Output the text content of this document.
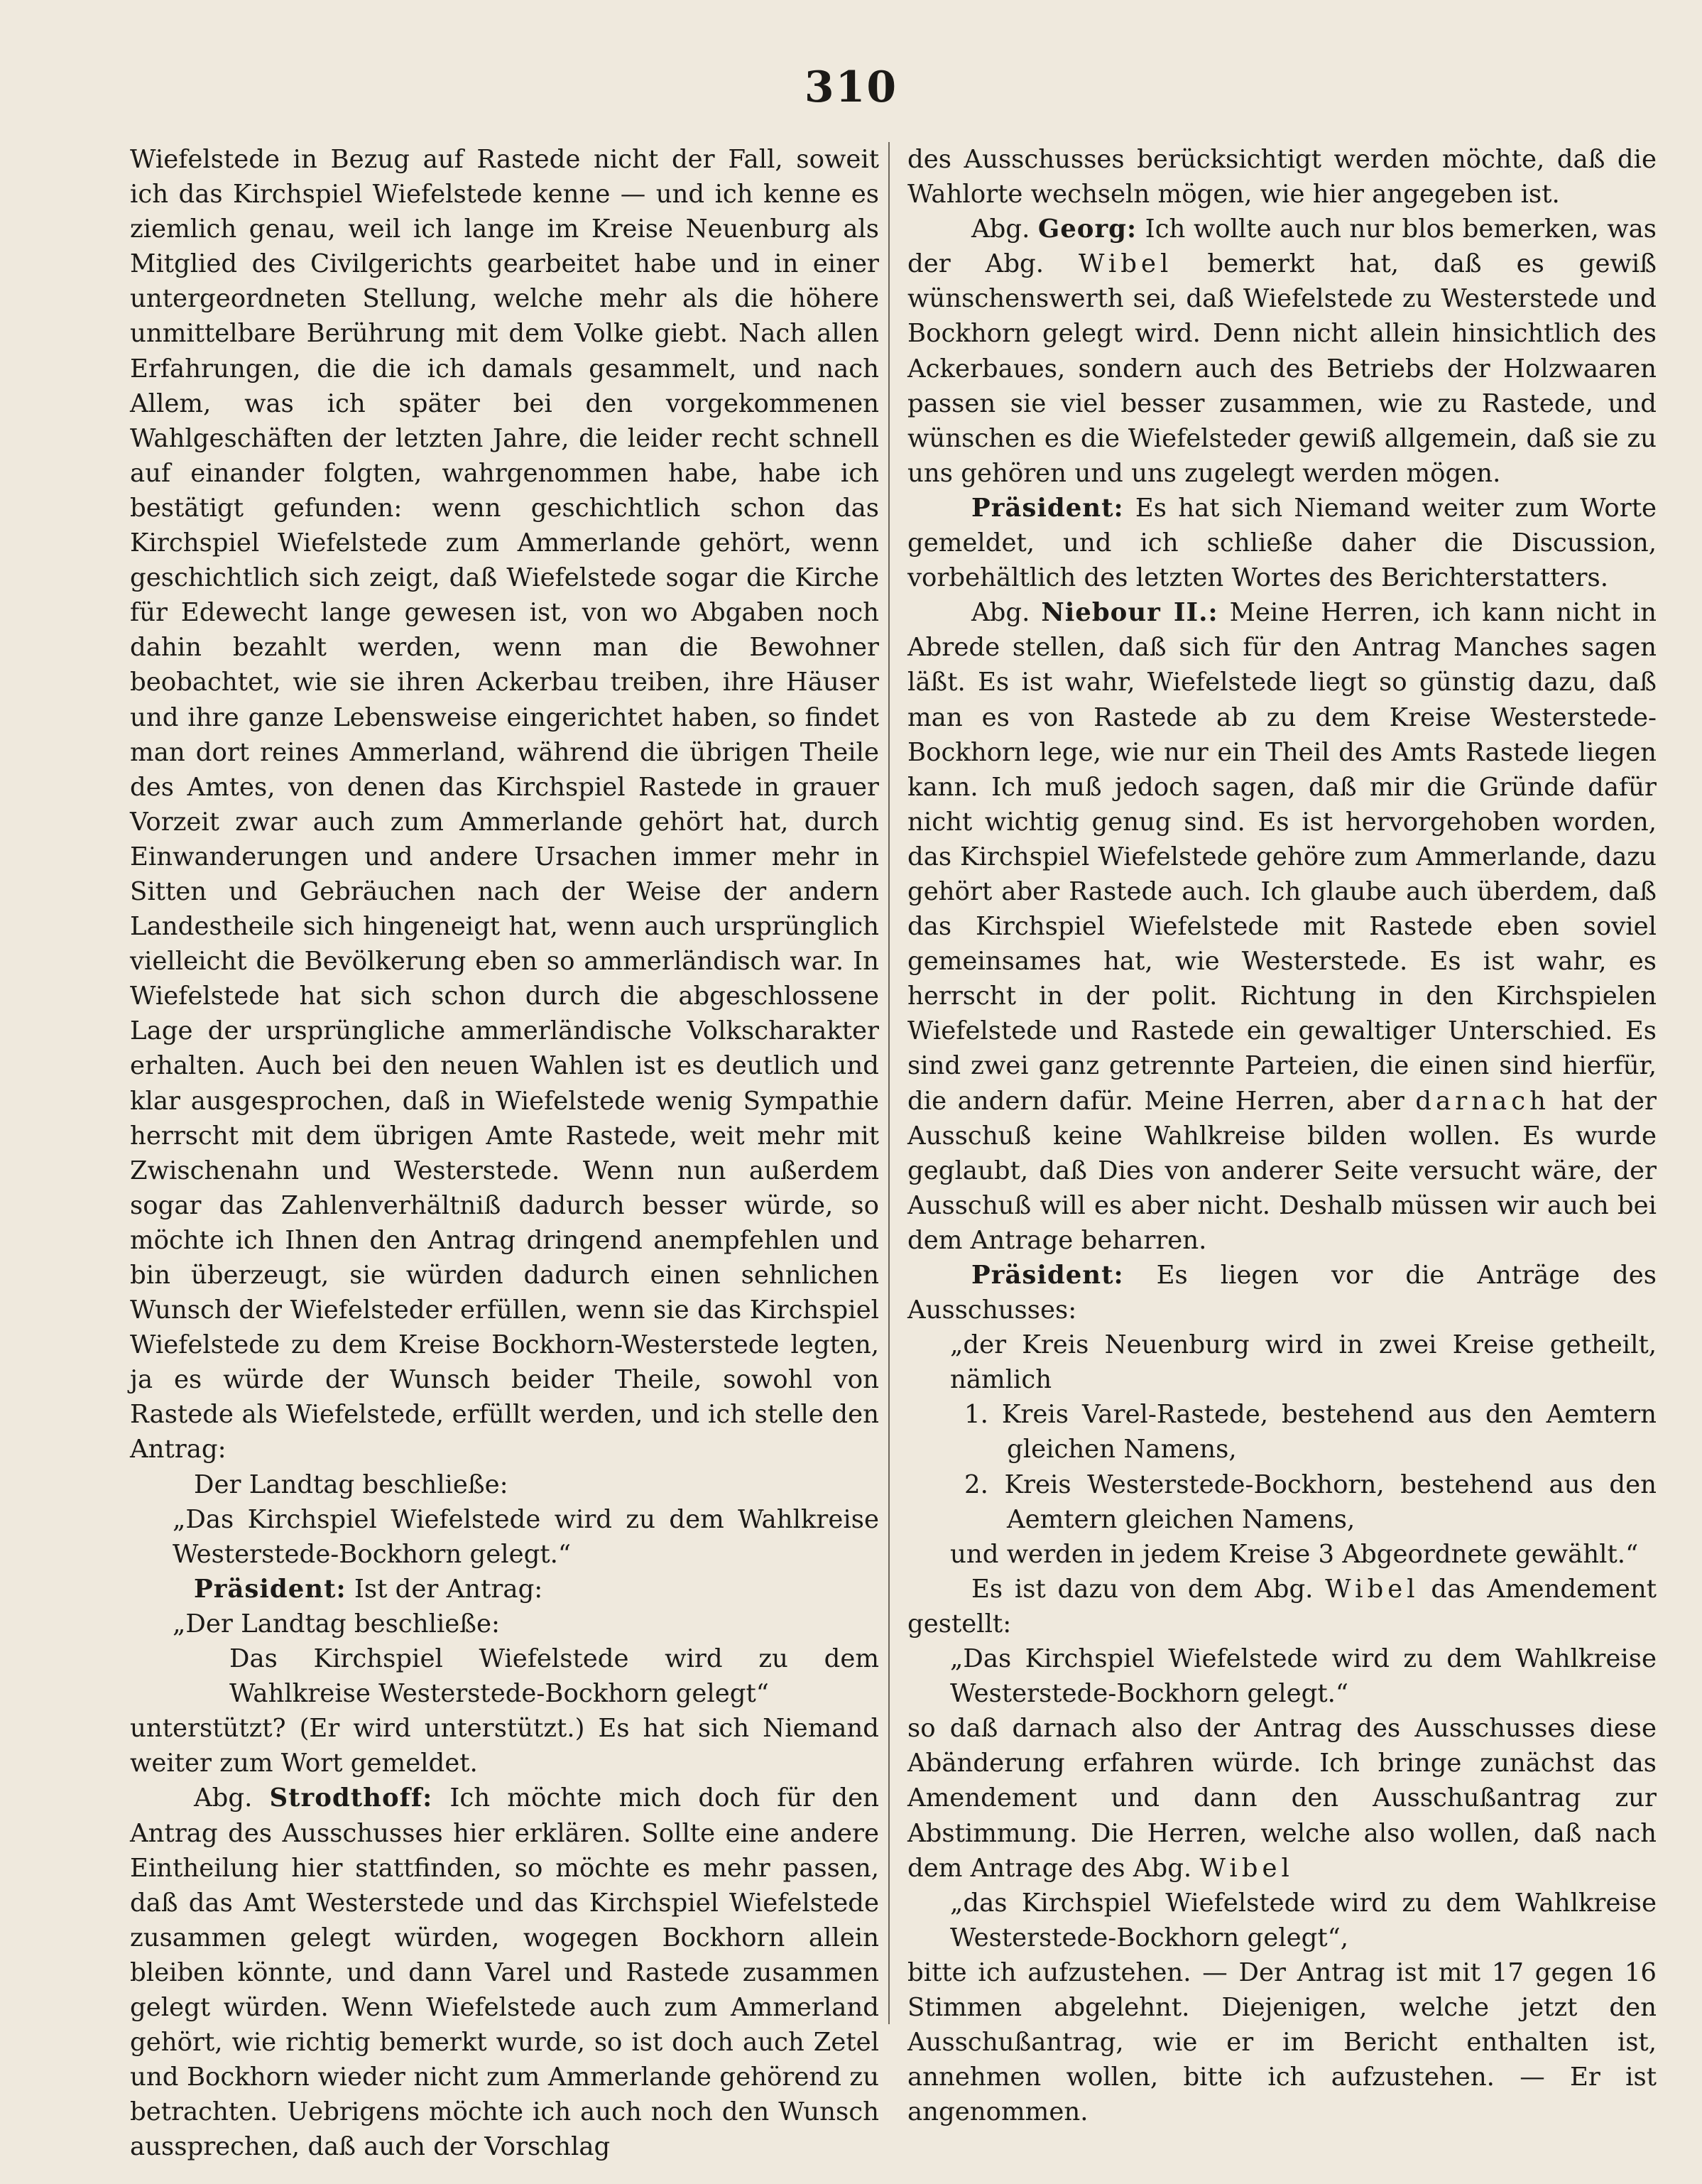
310

Wiefelstede in Bezug auf Rastede nicht der Fall, soweit ich das Kirchspiel Wiefelstede kenne — und ich kenne es ziemlich genau, weil ich lange im Kreise Neuenburg als Mitglied des Civilgerichts gearbeitet habe und in einer untergeordneten Stellung, welche mehr als die höhere unmittelbare Berührung mit dem Volke giebt. Nach allen Erfahrungen, die die ich damals gesammelt, und nach Allem, was ich später bei den vorgekommenen Wahlgeschäften der letzten Jahre, die leider recht schnell auf einander folgten, wahrgenommen habe, habe ich bestätigt gefunden: wenn geschichtlich schon das Kirchspiel Wiefelstede zum Ammerlande gehört, wenn geschichtlich sich zeigt, daß Wiefelstede sogar die Kirche für Edewecht lange gewesen ist, von wo Abgaben noch dahin bezahlt werden, wenn man die Bewohner beobachtet, wie sie ihren Ackerbau treiben, ihre Häuser und ihre ganze Lebensweise eingerichtet haben, so findet man dort reines Ammerland, während die übrigen Theile des Amtes, von denen das Kirchspiel Rastede in grauer Vorzeit zwar auch zum Ammerlande gehört hat, durch Einwanderungen und andere Ursachen immer mehr in Sitten und Gebräuchen nach der Weise der andern Landestheile sich hingeneigt hat, wenn auch ursprünglich vielleicht die Bevölkerung eben so ammerländisch war. In Wiefelstede hat sich schon durch die abgeschlossene Lage der ursprüngliche ammerländische Volkscharakter erhalten. Auch bei den neuen Wahlen ist es deutlich und klar ausgesprochen, daß in Wiefelstede wenig Sympathie herrscht mit dem übrigen Amte Rastede, weit mehr mit Zwischenahn und Westerstede. Wenn nun außerdem sogar das Zahlenverhältniß dadurch besser würde, so möchte ich Ihnen den Antrag dringend anempfehlen und bin überzeugt, sie würden dadurch einen sehnlichen Wunsch der Wiefelsteder erfüllen, wenn sie das Kirchspiel Wiefelstede zu dem Kreise Bockhorn-Westerstede legten, ja es würde der Wunsch beider Theile, sowohl von Rastede als Wiefelstede, erfüllt werden, und ich stelle den Antrag:

Der Landtag beschließe:

„Das Kirchspiel Wiefelstede wird zu dem Wahlkreise Westerstede-Bockhorn gelegt.“

Präsident: Ist der Antrag:

„Der Landtag beschließe:

Das Kirchspiel Wiefelstede wird zu dem Wahlkreise Westerstede-Bockhorn gelegt“

unterstützt? (Er wird unterstützt.) Es hat sich Niemand weiter zum Wort gemeldet.

Abg. Strodthoff: Ich möchte mich doch für den Antrag des Ausschusses hier erklären. Sollte eine andere Eintheilung hier stattfinden, so möchte es mehr passen, daß das Amt Westerstede und das Kirchspiel Wiefelstede zusammen gelegt würden, wogegen Bockhorn allein bleiben könnte, und dann Varel und Rastede zusammen gelegt würden. Wenn Wiefelstede auch zum Ammerland gehört, wie richtig bemerkt wurde, so ist doch auch Zetel und Bockhorn wieder nicht zum Ammerlande gehörend zu betrachten. Uebrigens möchte ich auch noch den Wunsch aussprechen, daß auch der Vorschlag

des Ausschusses berücksichtigt werden möchte, daß die Wahlorte wechseln mögen, wie hier angegeben ist.

Abg. Georg: Ich wollte auch nur blos bemerken, was der Abg. Wibel bemerkt hat, daß es gewiß wünschenswerth sei, daß Wiefelstede zu Westerstede und Bockhorn gelegt wird. Denn nicht allein hinsichtlich des Ackerbaues, sondern auch des Betriebs der Holzwaaren passen sie viel besser zusammen, wie zu Rastede, und wünschen es die Wiefelsteder gewiß allgemein, daß sie zu uns gehören und uns zugelegt werden mögen.

Präsident: Es hat sich Niemand weiter zum Worte gemeldet, und ich schließe daher die Discussion, vorbehältlich des letzten Wortes des Berichterstatters.

Abg. Niebour II.: Meine Herren, ich kann nicht in Abrede stellen, daß sich für den Antrag Manches sagen läßt. Es ist wahr, Wiefelstede liegt so günstig dazu, daß man es von Rastede ab zu dem Kreise Westerstede-Bockhorn lege, wie nur ein Theil des Amts Rastede liegen kann. Ich muß jedoch sagen, daß mir die Gründe dafür nicht wichtig genug sind. Es ist hervorgehoben worden, das Kirchspiel Wiefelstede gehöre zum Ammerlande, dazu gehört aber Rastede auch. Ich glaube auch überdem, daß das Kirchspiel Wiefelstede mit Rastede eben soviel gemeinsames hat, wie Westerstede. Es ist wahr, es herrscht in der polit. Richtung in den Kirchspielen Wiefelstede und Rastede ein gewaltiger Unterschied. Es sind zwei ganz getrennte Parteien, die einen sind hierfür, die andern dafür. Meine Herren, aber darnach hat der Ausschuß keine Wahlkreise bilden wollen. Es wurde geglaubt, daß Dies von anderer Seite versucht wäre, der Ausschuß will es aber nicht. Deshalb müssen wir auch bei dem Antrage beharren.

Präsident: Es liegen vor die Anträge des Ausschusses:

„der Kreis Neuenburg wird in zwei Kreise getheilt, nämlich

1. Kreis Varel-Rastede, bestehend aus den Aemtern gleichen Namens,

2. Kreis Westerstede-Bockhorn, bestehend aus den Aemtern gleichen Namens,

und werden in jedem Kreise 3 Abgeordnete gewählt.“

Es ist dazu von dem Abg. Wibel das Amendement gestellt:

„Das Kirchspiel Wiefelstede wird zu dem Wahlkreise Westerstede-Bockhorn gelegt.“

so daß darnach also der Antrag des Ausschusses diese Abänderung erfahren würde. Ich bringe zunächst das Amendement und dann den Ausschußantrag zur Abstimmung. Die Herren, welche also wollen, daß nach dem Antrage des Abg. Wibel

„das Kirchspiel Wiefelstede wird zu dem Wahlkreise Westerstede-Bockhorn gelegt“,

bitte ich aufzustehen. — Der Antrag ist mit 17 gegen 16 Stimmen abgelehnt. Diejenigen, welche jetzt den Ausschußantrag, wie er im Bericht enthalten ist, annehmen wollen, bitte ich aufzustehen. — Er ist angenommen.
